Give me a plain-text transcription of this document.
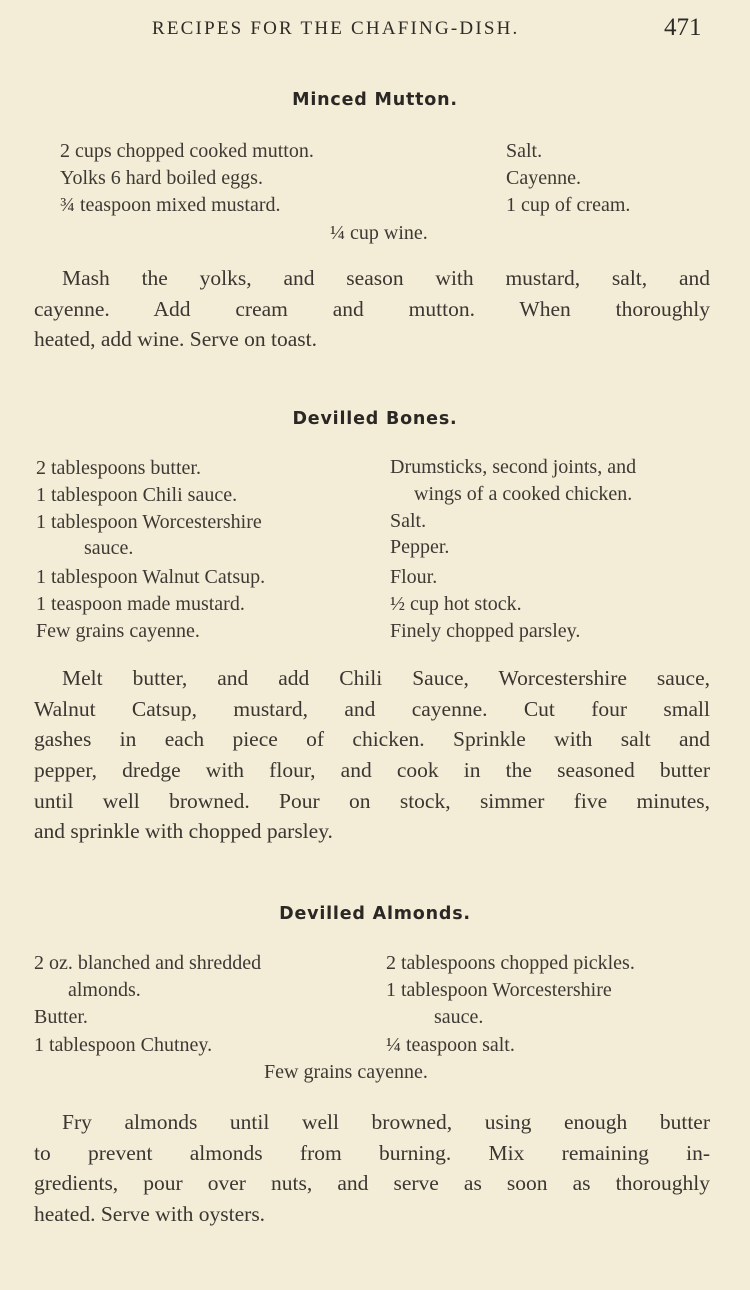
RECIPES FOR THE CHAFING-DISH.	471
Minced Mutton.
2 cups chopped cooked mutton.
Yolks 6 hard boiled eggs.
¾ teaspoon mixed mustard.
Salt.
Cayenne.
1 cup of cream.
¼ cup wine.
Mash the yolks, and season with mustard, salt, and
cayenne. Add cream and mutton. When thoroughly
heated, add wine. Serve on toast.
Devilled Bones.
2 tablespoons butter.
1 tablespoon Chili sauce.
1 tablespoon Worcestershire
sauce.
1 tablespoon Walnut Catsup.
1 teaspoon made mustard.
Few grains cayenne.
Drumsticks, second joints, and
wings of a cooked chicken.
Salt.
Pepper.
Flour.
½ cup hot stock.
Finely chopped parsley.
Melt butter, and add Chili Sauce, Worcestershire sauce,
Walnut Catsup, mustard, and cayenne. Cut four small
gashes in each piece of chicken. Sprinkle with salt and
pepper, dredge with flour, and cook in the seasoned butter
until well browned. Pour on stock, simmer five minutes,
and sprinkle with chopped parsley.
Devilled Almonds.
2 oz. blanched and shredded
almonds.
Butter.
1 tablespoon Chutney.
2 tablespoons chopped pickles.
1 tablespoon Worcestershire
sauce.
¼ teaspoon salt.
Few grains cayenne.
Fry almonds until well browned, using enough butter
to prevent almonds from burning. Mix remaining in-
gredients, pour over nuts, and serve as soon as thoroughly
heated. Serve with oysters.
